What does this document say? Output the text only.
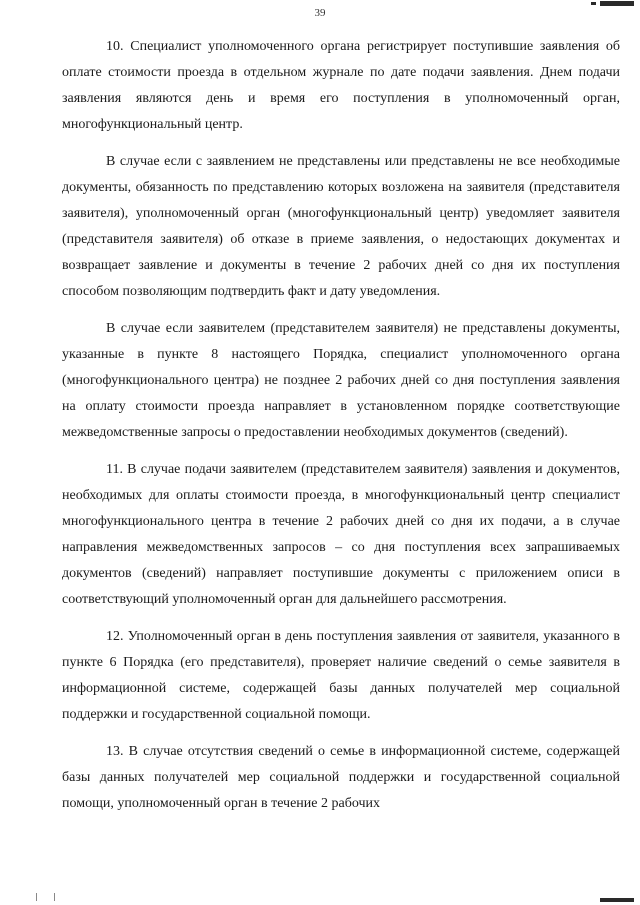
39

10. Специалист уполномоченного органа регистрирует поступившие заявления об оплате стоимости проезда в отдельном журнале по дате подачи заявления. Днем подачи заявления являются день и время его поступления в уполномоченный орган, многофункциональный центр.

В случае если с заявлением не представлены или представлены не все необходимые документы, обязанность по представлению которых возложена на заявителя (представителя заявителя), уполномоченный орган (многофункциональный центр) уведомляет заявителя (представителя заявителя) об отказе в приеме заявления, о недостающих документах и возвращает заявление и документы в течение 2 рабочих дней со дня их поступления способом позволяющим подтвердить факт и дату уведомления.

В случае если заявителем (представителем заявителя) не представлены документы, указанные в пункте 8 настоящего Порядка, специалист уполномоченного органа (многофункционального центра) не позднее 2 рабочих дней со дня поступления заявления на оплату стоимости проезда направляет в установленном порядке соответствующие межведомственные запросы о предоставлении необходимых документов (сведений).

11. В случае подачи заявителем (представителем заявителя) заявления и документов, необходимых для оплаты стоимости проезда, в многофункциональный центр специалист многофункционального центра в течение 2 рабочих дней со дня их подачи, а в случае направления межведомственных запросов – со дня поступления всех запрашиваемых документов (сведений) направляет поступившие документы с приложением описи в соответствующий уполномоченный орган для дальнейшего рассмотрения.

12. Уполномоченный орган в день поступления заявления от заявителя, указанного в пункте 6 Порядка (его представителя), проверяет наличие сведений о семье заявителя в информационной системе, содержащей базы данных получателей мер социальной поддержки и государственной социальной помощи.

13. В случае отсутствия сведений о семье в информационной системе, содержащей базы данных получателей мер социальной поддержки и государственной социальной помощи, уполномоченный орган в течение 2 рабочих
